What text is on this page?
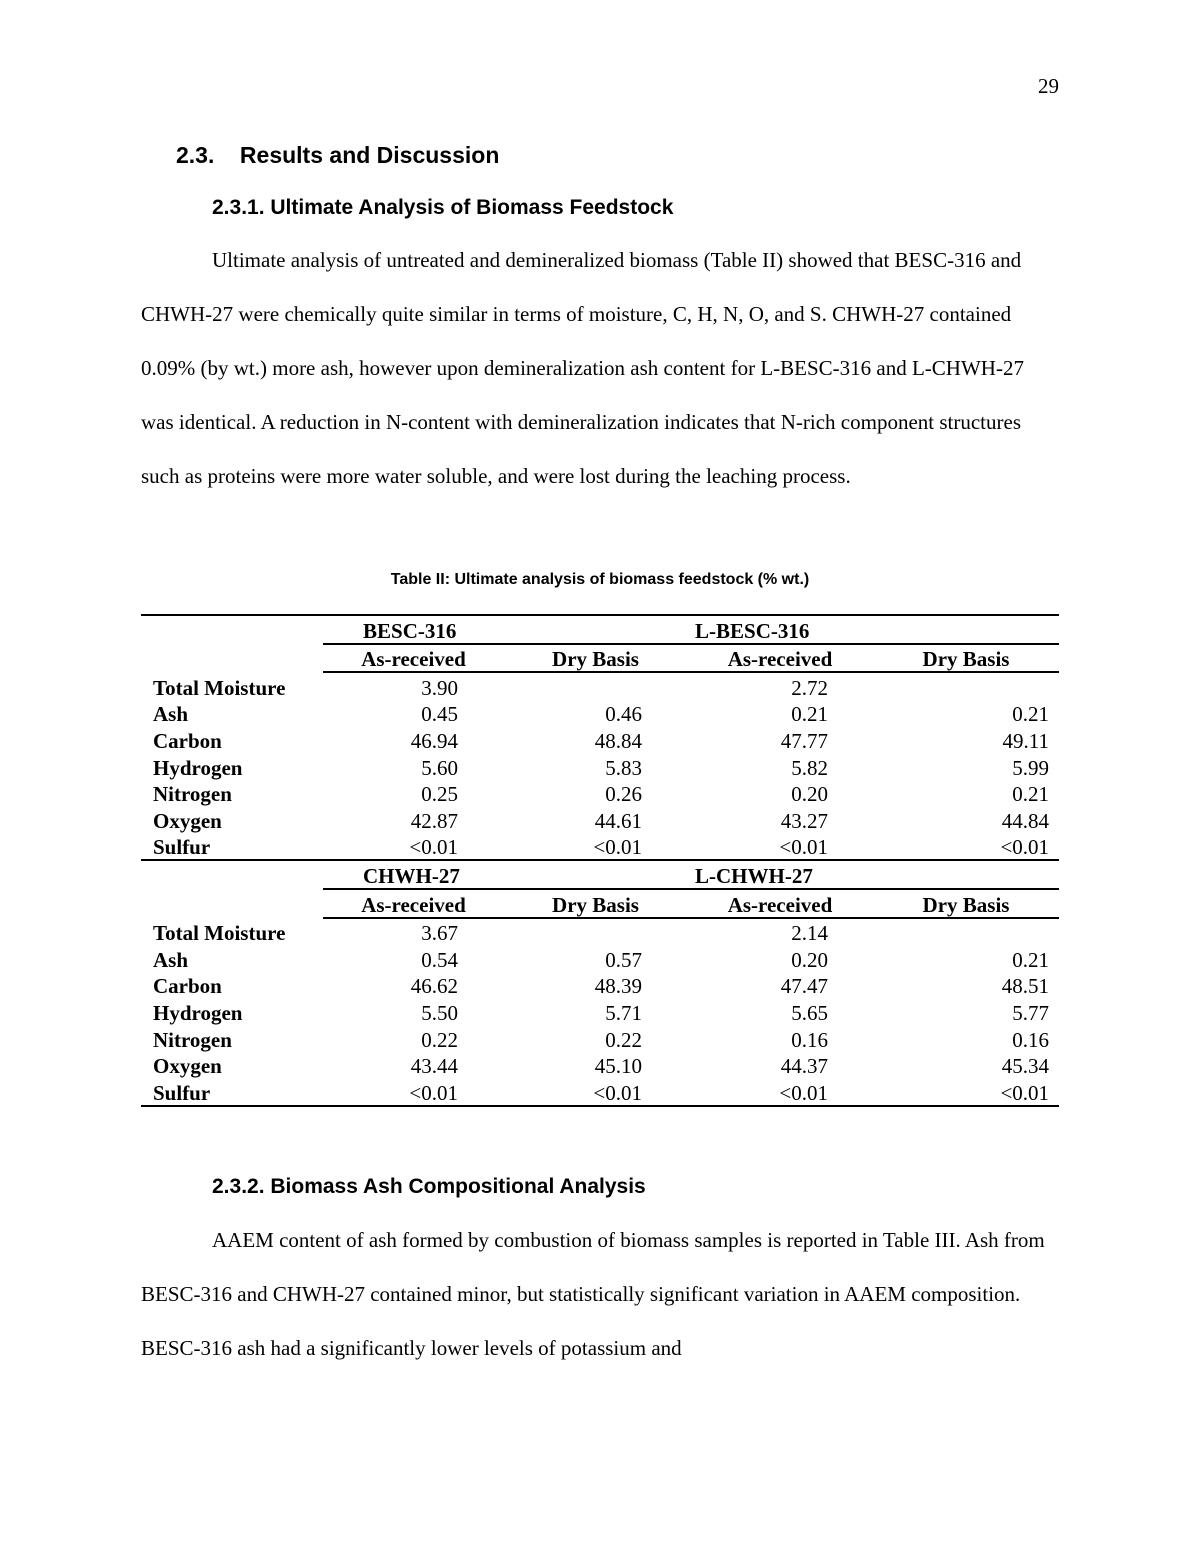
29
2.3.    Results and Discussion
2.3.1. Ultimate Analysis of Biomass Feedstock
Ultimate analysis of untreated and demineralized biomass (Table II) showed that BESC-316 and CHWH-27 were chemically quite similar in terms of moisture, C, H, N, O, and S. CHWH-27 contained 0.09% (by wt.) more ash, however upon demineralization ash content for L-BESC-316 and L-CHWH-27 was identical. A reduction in N-content with demineralization indicates that N-rich component structures such as proteins were more water soluble, and were lost during the leaching process.
Table II: Ultimate analysis of biomass feedstock (% wt.)
	BESC-316		L-BESC-316	
	As-received	Dry Basis	As-received	Dry Basis
Total Moisture	3.90		2.72	
Ash	0.45	0.46	0.21	0.21
Carbon	46.94	48.84	47.77	49.11
Hydrogen	5.60	5.83	5.82	5.99
Nitrogen	0.25	0.26	0.20	0.21
Oxygen	42.87	44.61	43.27	44.84
Sulfur	<0.01	<0.01	<0.01	<0.01
	CHWH-27		L-CHWH-27	
	As-received	Dry Basis	As-received	Dry Basis
Total Moisture	3.67		2.14	
Ash	0.54	0.57	0.20	0.21
Carbon	46.62	48.39	47.47	48.51
Hydrogen	5.50	5.71	5.65	5.77
Nitrogen	0.22	0.22	0.16	0.16
Oxygen	43.44	45.10	44.37	45.34
Sulfur	<0.01	<0.01	<0.01	<0.01
2.3.2. Biomass Ash Compositional Analysis
AAEM content of ash formed by combustion of biomass samples is reported in Table III. Ash from BESC-316 and CHWH-27 contained minor, but statistically significant variation in AAEM composition. BESC-316 ash had a significantly lower levels of potassium and
